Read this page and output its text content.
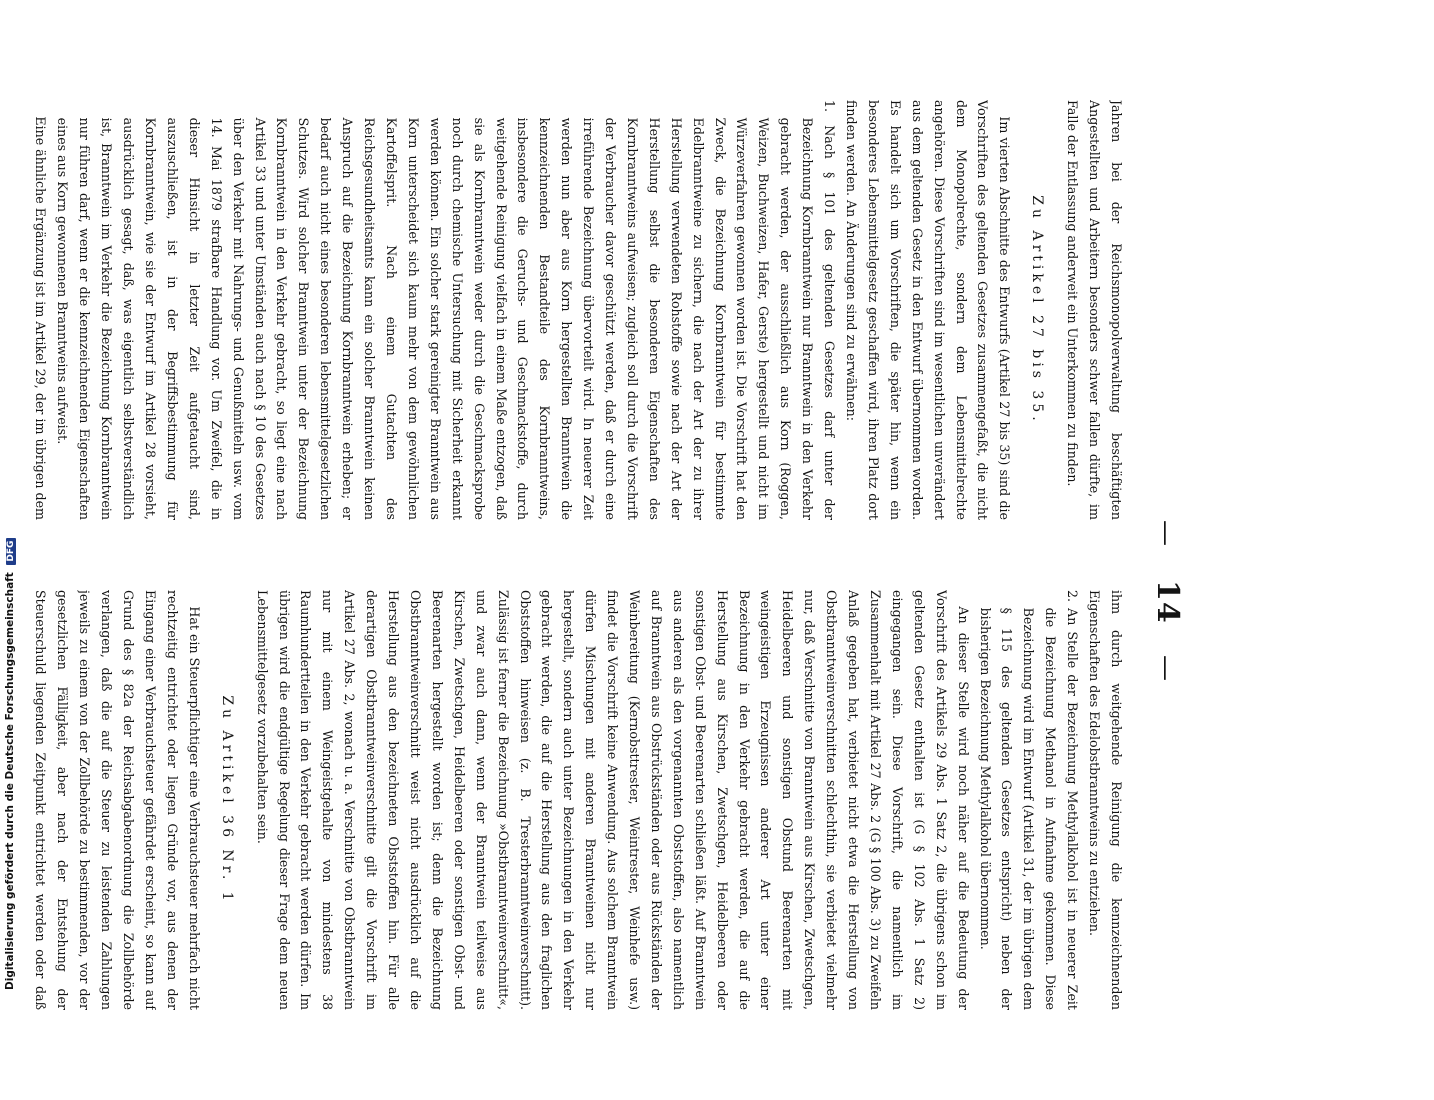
—
14
—

Jahren bei der Reichsmonopolverwaltung beschäftigten Angestellten und Arbeitern besonders schwer fallen dürfte, im Falle der Entlassung anderweit ein Unterkommen zu finden.

Zu Artikel 27 bis 35.

Im vierten Abschnitte des Entwurfs (Artikel 27 bis 35) sind die Vorschriften des geltenden Gesetzes zusammengefaßt, die nicht dem Monopolrechte, sondern dem Lebensmittelrechte angehören. Diese Vorschriften sind im wesentlichen unverändert aus dem geltenden Gesetz in den Entwurf übernommen worden. Es handelt sich um Vorschriften, die später hin, wenn ein besonderes Lebensmittelgesetz geschaffen wird, ihren Platz dort finden werden. An Änderungen sind zu erwähnen:

1. Nach § 101 des geltenden Gesetzes darf unter der Bezeichnung Kornbranntwein nur Branntwein in den Verkehr gebracht werden, der ausschließlich aus Korn (Roggen, Weizen, Buchweizen, Hafer, Gerste) hergestellt und nicht im Würzeverfahren gewonnen worden ist. Die Vorschrift hat den Zweck, die Bezeichnung Kornbranntwein für bestimmte Edelbranntweine zu sichern, die nach der Art der zu ihrer Herstellung verwendeten Rohstoffe sowie nach der Art der Herstellung selbst die besonderen Eigenschaften des Kornbranntweins aufweisen; zugleich soll durch die Vorschrift der Verbraucher davor geschützt werden, daß er durch eine irreführende Bezeichnung übervorteilt wird. In neuerer Zeit werden nun aber aus Korn hergestellten Branntwein die kennzeichnenden Bestandteile des Kornbranntweins, insbesondere die Geruchs- und Geschmackstoffe, durch weitgehende Reinigung vielfach in einem Maße entzogen, daß sie als Kornbranntwein weder durch die Geschmacksprobe noch durch chemische Untersuchung mit Sicherheit erkannt werden können. Ein solcher stark gereinigter Branntwein aus Korn unterscheidet sich kaum mehr von dem gewöhnlichen Kartoffelsprit. Nach einem Gutachten des Reichsgesundheitsamts kann ein solcher Branntwein keinen Anspruch auf die Bezeichnung Kornbranntwein erheben; er bedarf auch nicht eines besonderen lebensmittelgesetzlichen Schutzes. Wird solcher Branntwein unter der Bezeichnung Kornbranntwein in den Verkehr gebracht, so liegt eine nach Artikel 33 und unter Umständen auch nach § 10 des Gesetzes über den Verkehr mit Nahrungs- und Genußmitteln usw. vom 14. Mai 1879 strafbare Handlung vor. Um Zweifel, die in dieser Hinsicht in letzter Zeit aufgetaucht sind, auszuschließen, ist in der Begriffsbestimmung für Kornbranntwein, wie sie der Entwurf im Artikel 28 vorsieht, ausdrücklich gesagt, daß, was eigentlich selbstverständlich ist, Branntwein im Verkehr die Bezeichnung Kornbranntwein nur führen darf, wenn er die kennzeichnenden Eigenschaften eines aus Korn gewonnenen Branntweins aufweist.

Eine ähnliche Ergänzung ist im Artikel 29, der im übrigen dem

ihm durch weitgehende Reinigung die kennzeichnenden Eigenschaften des Edelobstbranntweins zu entziehen.

2. An Stelle der Bezeichnung Methylalkohol ist in neuerer Zeit die Bezeichnung Methanol in Aufnahme gekommen. Diese Bezeichnung wird im Entwurf (Artikel 31, der im übrigen dem § 115 des geltenden Gesetzes entspricht) neben der bisherigen Bezeichnung Methylalkohol übernommen.

An dieser Stelle wird noch näher auf die Bedeutung der Vorschrift des Artikels 29 Abs. 1 Satz 2, die übrigens schon im geltenden Gesetz enthalten ist (G § 102 Abs. 1 Satz 2) eingegangen sein. Diese Vorschrift, die namentlich im Zusammenhalt mit Artikel 27 Abs. 2 (G § 100 Abs. 3) zu Zweifeln Anlaß gegeben hat, verbietet nicht etwa die Herstellung von Obstbranntweinverschnitten schlechthin, sie verbietet vielmehr nur, daß Verschnitte von Branntwein aus Kirschen, Zwetschgen, Heidelbeeren und sonstigen Obstund Beerenarten mit weingeistigen Erzeugnissen anderer Art unter einer Bezeichnung in den Verkehr gebracht werden, die auf die Herstellung aus Kirschen, Zwetschgen, Heidelbeeren oder sonstigen Obst- und Beerenarten schließen läßt. Auf Branntwein aus anderen als den vorgenannten Obststoffen, also namentlich auf Branntwein aus Obstrückständen oder aus Rückständen der Weinbereitung (Kernobsttrester, Weintrester, Weinhefe usw.) findet die Vorschrift keine Anwendung. Aus solchem Branntwein dürfen Mischungen mit anderen Branntweinen nicht nur hergestellt, sondern auch unter Bezeichnungen in den Verkehr gebracht werden, die auf die Herstellung aus den fraglichen Obststoffen hinweisen (z. B. Tresterbranntweinverschnitt). Zulässig ist ferner die Bezeichnung »Obstbranntweinverschnitt«, und zwar auch dann, wenn der Branntwein teilweise aus Kirschen, Zwetschgen, Heidelbeeren oder sonstigen Obst- und Beerenarten hergestellt worden ist; denn die Bezeichnung Obstbranntweinverschnitt weist nicht ausdrücklich auf die Herstellung aus den bezeichneten Obststoffen hin. Für alle derartigen Obstbranntweinverschnitte gilt die Vorschrift im Artikel 27 Abs. 2, wonach u. a. Verschnitte von Obstbranntwein nur mit einem Weingeistgehalte von mindestens 38 Raumhundertteilen in den Verkehr gebracht werden dürfen. Im übrigen wird die endgültige Regelung dieser Frage dem neuen Lebensmittelgesetz vorzubehalten sein.

Zu Artikel 36 Nr. 1

Hat ein Steuerpflichtiger eine Verbrauchsteuer mehrfach nicht rechtzeitig entrichtet oder liegen Gründe vor, aus denen der Eingang einer Verbrauchsteuer gefährdet erscheint, so kann auf Grund des § 82a der Reichsabgabenordnung die Zollbehörde verlangen, daß die auf die Steuer zu leistenden Zahlungen jeweils zu einem von der Zollbehörde zu bestimmenden, vor der gesetzlichen Fälligkeit, aber nach der Entstehung der Steuerschuld liegenden Zeitpunkt entrichtet werden oder daß

Digitalisierung gefördert durch die Deutsche Forschungsgemeinschaft DFG
